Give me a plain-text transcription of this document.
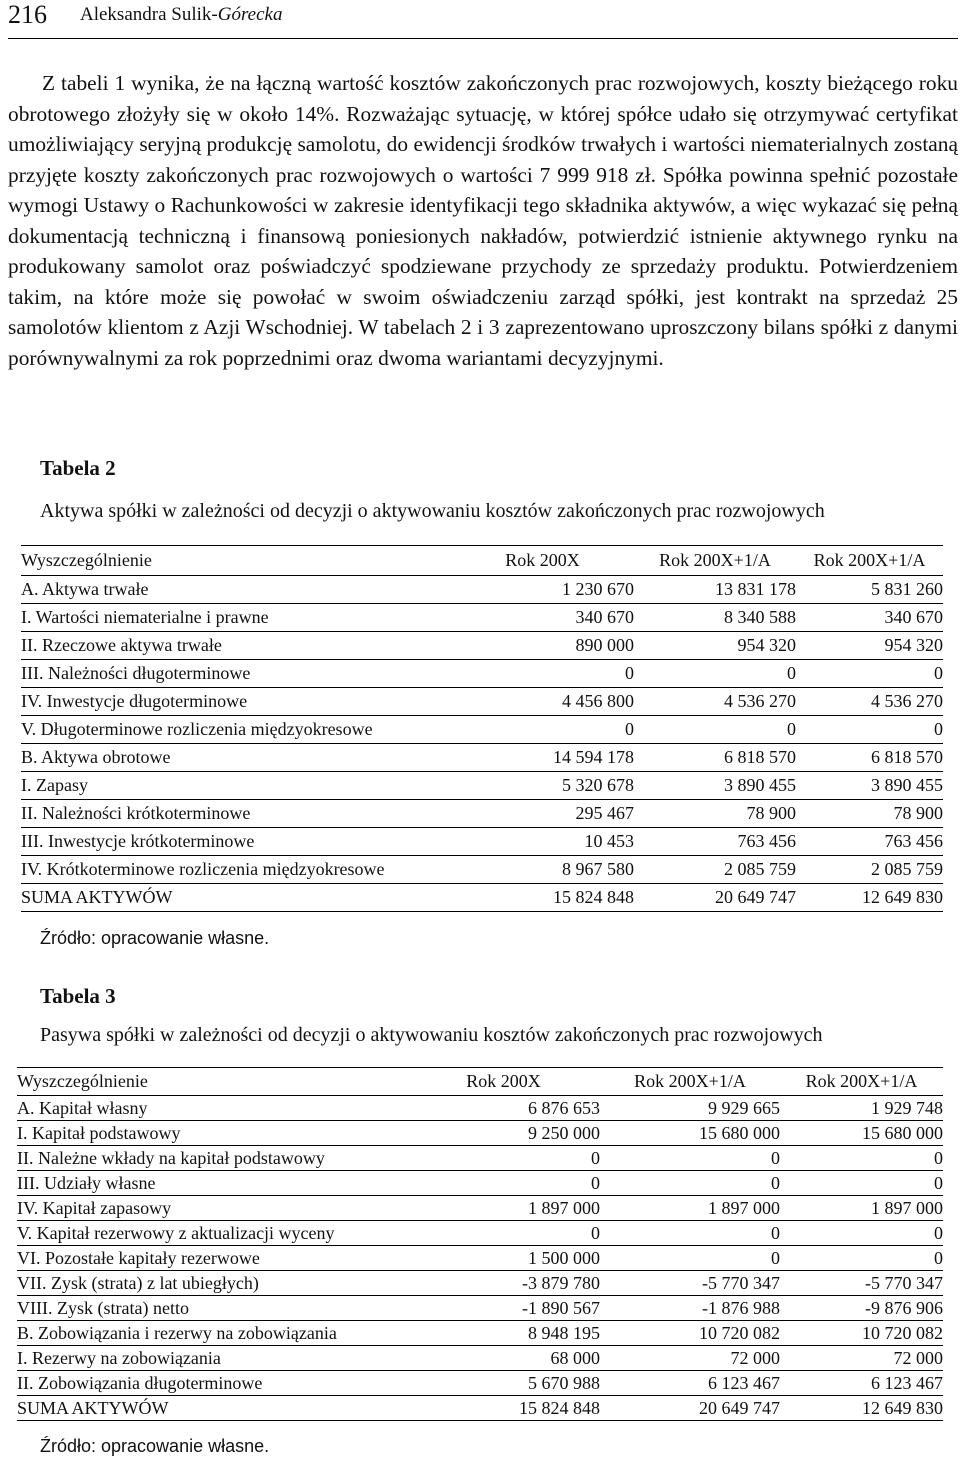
216 Aleksandra Sulik-Górecka

Z tabeli 1 wynika, że na łączną wartość kosztów zakończonych prac rozwojowych, koszty bieżącego roku obrotowego złożyły się w około 14%. Rozważając sytuację, w której spółce udało się otrzymywać certyfikat umożliwiający seryjną produkcję samolotu, do ewidencji środków trwałych i wartości niematerialnych zostaną przyjęte koszty zakończonych prac rozwojowych o wartości 7 999 918 zł. Spółka powinna spełnić pozostałe wymogi Ustawy o Rachunkowości w zakresie identyfikacji tego składnika aktywów, a więc wykazać się pełną dokumentacją techniczną i finansową poniesionych nakładów, potwierdzić istnienie aktywnego rynku na produkowany samolot oraz poświadczyć spodziewane przychody ze sprzedaży produktu. Potwierdzeniem takim, na które może się powołać w swoim oświadczeniu zarząd spółki, jest kontrakt na sprzedaż 25 samolotów klientom z Azji Wschodniej. W tabelach 2 i 3 zaprezentowano uproszczony bilans spółki z danymi porównywalnymi za rok poprzednimi oraz dwoma wariantami decyzyjnymi.

Tabela 2
Aktywa spółki w zależności od decyzji o aktywowaniu kosztów zakończonych prac rozwojowych
Wyszczególnienie	Rok 200X	Rok 200X+1/A	Rok 200X+1/A
A. Aktywa trwałe	1 230 670	13 831 178	5 831 260
I. Wartości niematerialne i prawne	340 670	8 340 588	340 670
II. Rzeczowe aktywa trwałe	890 000	954 320	954 320
III. Należności długoterminowe	0	0	0
IV. Inwestycje długoterminowe	4 456 800	4 536 270	4 536 270
V. Długoterminowe rozliczenia międzyokresowe	0	0	0
B. Aktywa obrotowe	14 594 178	6 818 570	6 818 570
I. Zapasy	5 320 678	3 890 455	3 890 455
II. Należności krótkoterminowe	295 467	78 900	78 900
III. Inwestycje krótkoterminowe	10 453	763 456	763 456
IV. Krótkoterminowe rozliczenia międzyokresowe	8 967 580	2 085 759	2 085 759
SUMA AKTYWÓW	15 824 848	20 649 747	12 649 830
Źródło: opracowanie własne.
Tabela 3
Pasywa spółki w zależności od decyzji o aktywowaniu kosztów zakończonych prac rozwojowych
Wyszczególnienie	Rok 200X	Rok 200X+1/A	Rok 200X+1/A
A. Kapitał własny	6 876 653	9 929 665	1 929 748
I. Kapitał podstawowy	9 250 000	15 680 000	15 680 000
II. Należne wkłady na kapitał podstawowy	0	0	0
III. Udziały własne	0	0	0
IV. Kapitał zapasowy	1 897 000	1 897 000	1 897 000
V. Kapitał rezerwowy z aktualizacji wyceny	0	0	0
VI. Pozostałe kapitały rezerwowe	1 500 000	0	0
VII. Zysk (strata) z lat ubiegłych)	-3 879 780	-5 770 347	-5 770 347
VIII. Zysk (strata) netto	-1 890 567	-1 876 988	-9 876 906
B. Zobowiązania i rezerwy na zobowiązania	8 948 195	10 720 082	10 720 082
I. Rezerwy na zobowiązania	68 000	72 000	72 000
II. Zobowiązania długoterminowe	5 670 988	6 123 467	6 123 467
SUMA AKTYWÓW	15 824 848	20 649 747	12 649 830
Źródło: opracowanie własne.
